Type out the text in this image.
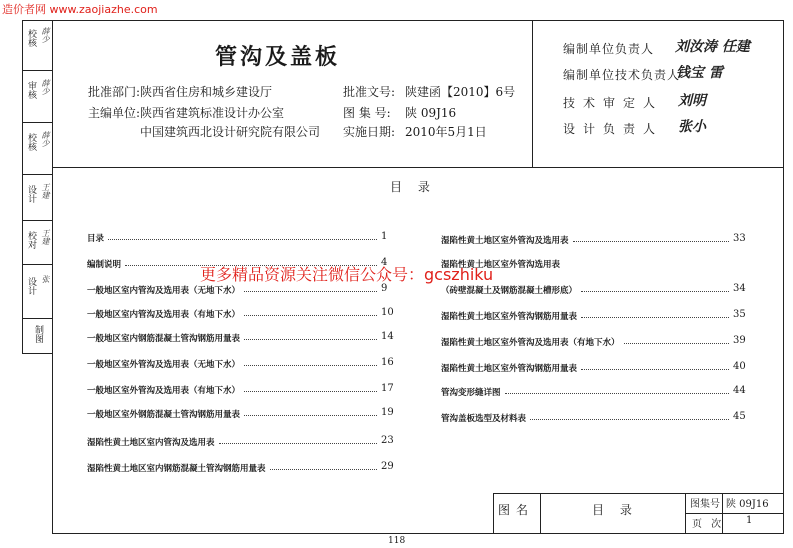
造价者网 www.zaojiazhe.com
校核 薛少
审核 薛少
校核 薛少
设计 王建
校对 王建
设计 张
制图
管沟及盖板
批准部门: 陕西省住房和城乡建设厅
主编单位: 陕西省建筑标准设计办公室
中国建筑西北设计研究院有限公司
批准文号: 陕建函【2010】6号
图 集 号: 陕 09J16
实施日期: 2010年5月1日
编制单位负责人 刘汝涛 任建
编制单位技术负责人
钱宝 雷
技术审定人 刘明
设计负责人 张小
目 录
目录	1
编制说明	4
一般地区室内管沟及选用表（无地下水）	9
一般地区室内管沟及选用表（有地下水）	10
一般地区室内钢筋混凝土管沟钢筋用量表	14
一般地区室外管沟及选用表（无地下水）	16
一般地区室外管沟及选用表（有地下水）	17
一般地区室外钢筋混凝土管沟钢筋用量表	19
湿陷性黄土地区室内管沟及选用表	23
湿陷性黄土地区室内钢筋混凝土管沟钢筋用量表	29
湿陷性黄土地区室外管沟及选用表	33
湿陷性黄土地区室外管沟选用表
（砖壁混凝土及钢筋混凝土槽形底）	34
湿陷性黄土地区室外管沟钢筋用量表	35
湿陷性黄土地区室外管沟及选用表（有地下水）	39
湿陷性黄土地区室外管沟钢筋用量表	40
管沟变形缝详图	44
管沟盖板选型及材料表	45
更多精品资源关注微信公众号：gcszhiku
图名	目 录	图集号 陕 09J16
页 次 1
118
